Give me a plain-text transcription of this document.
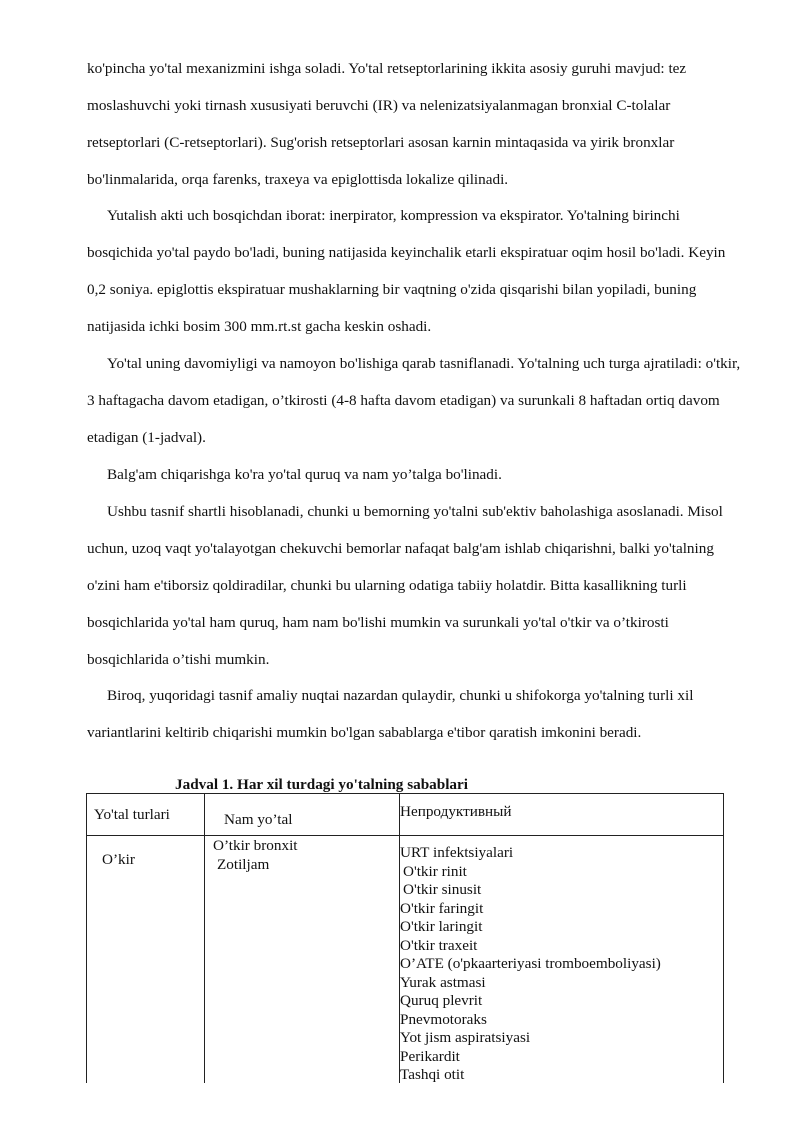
ko'pincha yo'tal mexanizmini ishga soladi. Yo'tal retseptorlarining ikkita asosiy guruhi mavjud: tez moslashuvchi yoki tirnash xususiyati beruvchi (IR) va nelenizatsiyalanmagan bronxial C-tolalar retseptorlari (C-retseptorlari). Sug'orish retseptorlari asosan karnin mintaqasida va yirik bronxlar bo'linmalarida, orqa farenks, traxeya va epiglottisda lokalize qilinadi.

Yutalish akti uch bosqichdan iborat: inerpirator, kompression va ekspirator. Yo'talning birinchi bosqichida yo'tal paydo bo'ladi, buning natijasida keyinchalik etarli ekspiratuar oqim hosil bo'ladi. Keyin 0,2 soniya. epiglottis ekspiratuar mushaklarning bir vaqtning o'zida qisqarishi bilan yopiladi, buning natijasida ichki bosim 300 mm.rt.st gacha keskin oshadi.

Yo'tal uning davomiyligi va namoyon bo'lishiga qarab tasniflanadi. Yo'talning uch turga ajratiladi: o'tkir, 3 haftagacha davom etadigan, o’tkirosti (4-8 hafta davom etadigan) va surunkali 8 haftadan ortiq davom etadigan (1-jadval).

Balg'am chiqarishga ko'ra yo'tal quruq va nam yo’talga bo'linadi.

Ushbu tasnif shartli hisoblanadi, chunki u bemorning yo'talni sub'ektiv baholashiga asoslanadi. Misol uchun, uzoq vaqt yo'talayotgan chekuvchi bemorlar nafaqat balg'am ishlab chiqarishni, balki yo'talning o'zini ham e'tiborsiz qoldiradilar, chunki bu ularning odatiga tabiiy holatdir. Bitta kasallikning turli bosqichlarida yo'tal ham quruq, ham nam bo'lishi mumkin va surunkali yo'tal o'tkir va o’tkirosti bosqichlarida o’tishi mumkin.

Biroq, yuqoridagi tasnif amaliy nuqtai nazardan qulaydir, chunki u shifokorga yo'talning turli xil variantlarini keltirib chiqarishi mumkin bo'lgan sabablarga e'tibor qaratish imkonini beradi.

Jadval 1. Har xil turdagi yo'talning sabablari

Yo'tal turlari	Nam yo’tal	Непродуктивный
O’kir
O’tkir bronxit
Zotiljam
URT infektsiyalari
O'tkir rinit
O'tkir sinusit
O'tkir faringit
O'tkir laringit
O'tkir traxeit
O’ATE (o'pkaarteriyasi tromboemboliyasi)
Yurak astmasi
Quruq plevrit
Pnevmotoraks
Yot jism aspiratsiyasi
Perikardit
Tashqi otit
